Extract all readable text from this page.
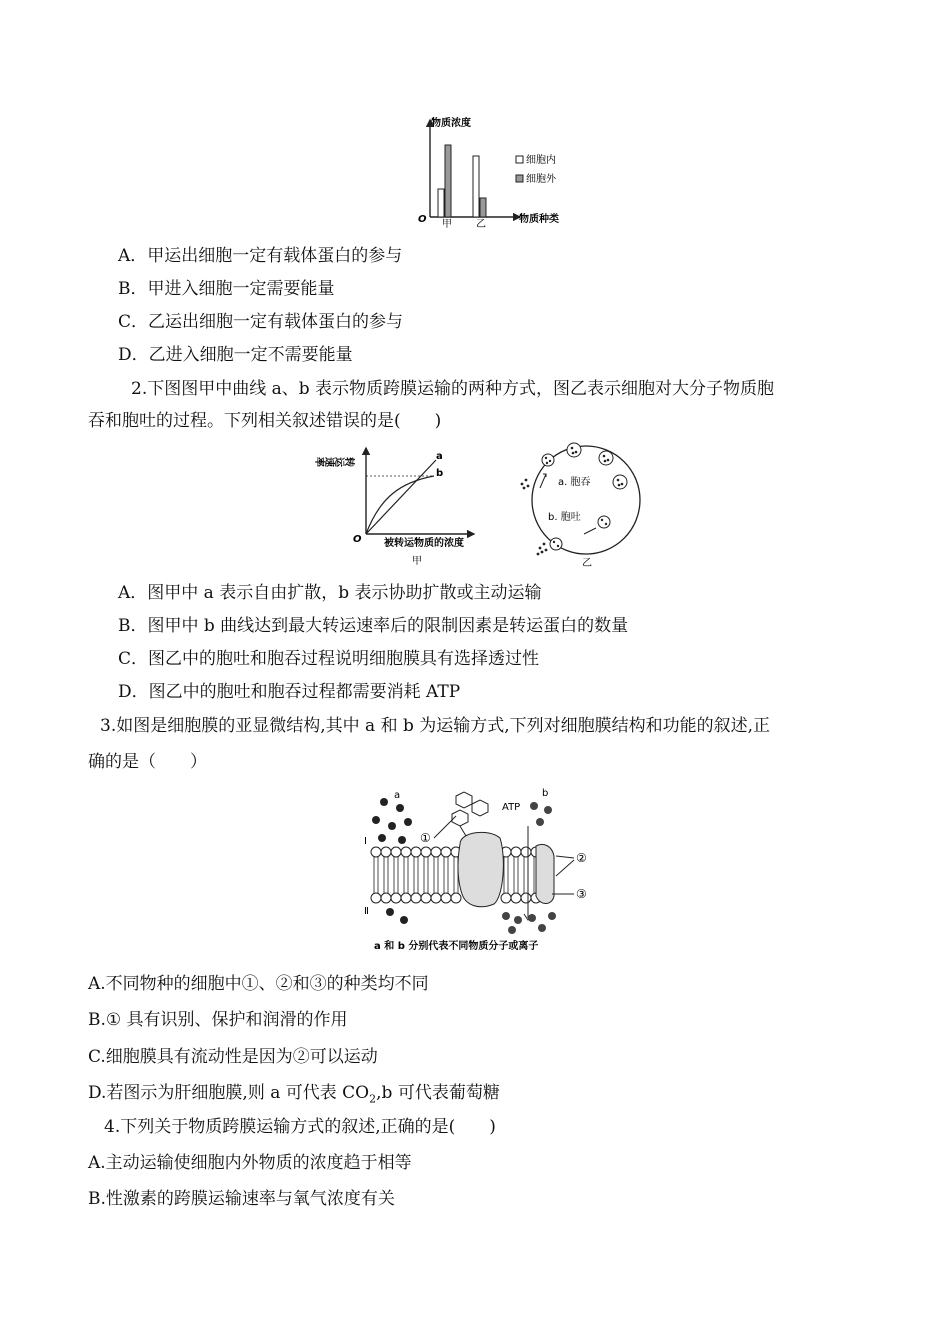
物质浓度
O 甲 乙	物质种类
细胞内
细胞外
A．甲运出细胞一定有载体蛋白的参与
B．甲进入细胞一定需要能量
C．乙运出细胞一定有载体蛋白的参与
D．乙进入细胞一定不需要能量
2.下图图甲中曲线 a、b 表示物质跨膜运输的两种方式，图乙表示细胞对大分子物质胞
吞和胞吐的过程。下列相关叙述错误的是(　　)
转运速率
O
a
b
被转运物质的浓度
甲
a. 胞吞
b. 胞吐
乙
A．图甲中 a 表示自由扩散，b 表示协助扩散或主动运输
B．图甲中 b 曲线达到最大转运速率后的限制因素是转运蛋白的数量
C．图乙中的胞吐和胞吞过程说明细胞膜具有选择透过性
D．图乙中的胞吐和胞吞过程都需要消耗 ATP
3.如图是细胞膜的亚显微结构,其中 a 和 b 为运输方式,下列对细胞膜结构和功能的叙述,正
确的是（　　）
a
Ⅰ	①
ATP
b
②
③
Ⅱ
a 和 b 分别代表不同物质分子或离子
A.不同物种的细胞中①、②和③的种类均不同
B.① 具有识别、保护和润滑的作用
C.细胞膜具有流动性是因为②可以运动
D.若图示为肝细胞膜,则 a 可代表 $CO_2,b$ 可代表葡萄糖
4.下列关于物质跨膜运输方式的叙述,正确的是(　　)
A.主动运输使细胞内外物质的浓度趋于相等
B.性激素的跨膜运输速率与氧气浓度有关
